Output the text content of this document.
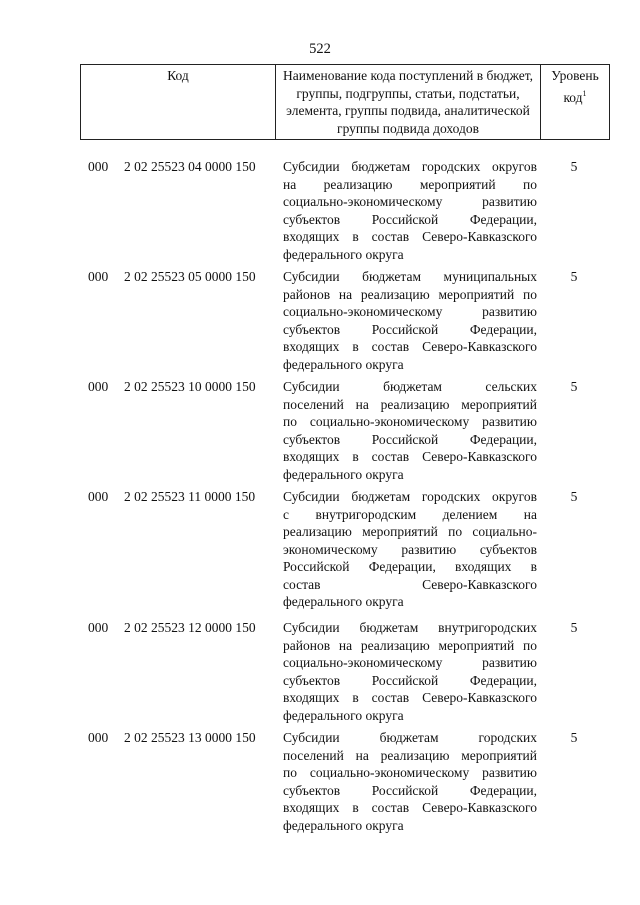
522
Код	Наименование кода поступлений в бюджет, группы, подгруппы, статьи, подстатьи, элемента, группы подвида, аналитической группы подвида доходов
Уровень код$^1$
000 2 02 25523 04 0000 150 Субсидии бюджетам городских округов
на реализацию мероприятий по
социально-экономическому развитию
субъектов Российской Федерации,
входящих в состав Северо-Кавказского
федерального округа
5
000 2 02 25523 05 0000 150 Субсидии бюджетам муниципальных
районов на реализацию мероприятий по
социально-экономическому развитию
субъектов Российской Федерации,
входящих в состав Северо-Кавказского
федерального округа
5
000 2 02 25523 10 0000 150 Субсидии бюджетам сельских
поселений на реализацию мероприятий
по социально-экономическому развитию
субъектов Российской Федерации,
входящих в состав Северо-Кавказского
федерального округа
5
000 2 02 25523 11 0000 150 Субсидии бюджетам городских округов
с внутригородским делением на
реализацию мероприятий по социально-
экономическому развитию субъектов
Российской Федерации, входящих в
состав Северо-Кавказского
федерального округа
5
000 2 02 25523 12 0000 150 Субсидии бюджетам внутригородских
районов на реализацию мероприятий по
социально-экономическому развитию
субъектов Российской Федерации,
входящих в состав Северо-Кавказского
федерального округа
5
000 2 02 25523 13 0000 150 Субсидии бюджетам городских
поселений на реализацию мероприятий
по социально-экономическому развитию
субъектов Российской Федерации,
входящих в состав Северо-Кавказского
федерального округа
5
